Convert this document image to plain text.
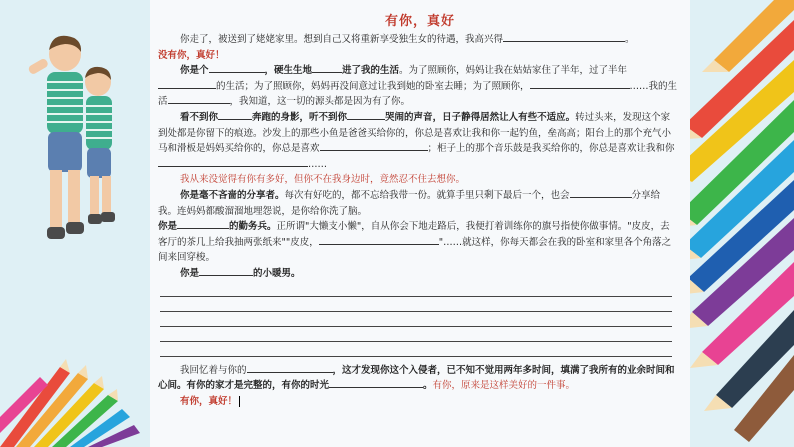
有你，真好

你走了，被送到了姥姥家里。想到自己又将重新享受独生女的待遇，我高兴得	。

没有你，真好！

你是个	，硬生生地	进了我的生活。为了照顾你，妈妈让我在姑姑家住了半年，过了半年的生活；为了照顾你，妈妈再没间意过让我到她的卧室去睡；为了照顾你，	……我的生活	，我知道，这一切的源头都是因为有了你。

看不到你	奔跑的身影，听不到你	哭闹的声音，日子静得居然让人有些不适应。转过头来，发现这个家到处都是你留下的痕迹。沙发上的那些小鱼是爸爸买给你的，你总是喜欢让我和你一起钓鱼，垒高高；阳台上的那个充气小马和滑板是妈妈买给你的，你总是喜欢	；柜子上的那个音乐鼓是我买给你的，你总是喜欢让我和你……

我从来没觉得有你有多好，但你不在我身边时，竟然忍不住去想你。

你是毫不吝啬的分享者。每次有好吃的，都不忘给我带一份。就算手里只剩下最后一个，也会	分享给我。连妈妈都酸溜溜地埋怨说，是你给你洗了脑。

你是	的勤务兵。正所谓"大懒支小懒"，自从你会下地走路后，我便打着训练你的旗号指使你做事情。"皮皮，去客厅的茶几上给我抽两张纸来""皮皮，	"……就这样，你每天都会在我的卧室和家里各个角落之间来回穿梭。

你是	的小暖男。

我回忆着与你的	，这才发现你这个入侵者，已不知不觉用两年多时间，填满了我所有的业余时间和心间。有你的家才是完整的，有你的时光	。有你，原来是这样美好的一件事。

有你，真好！
